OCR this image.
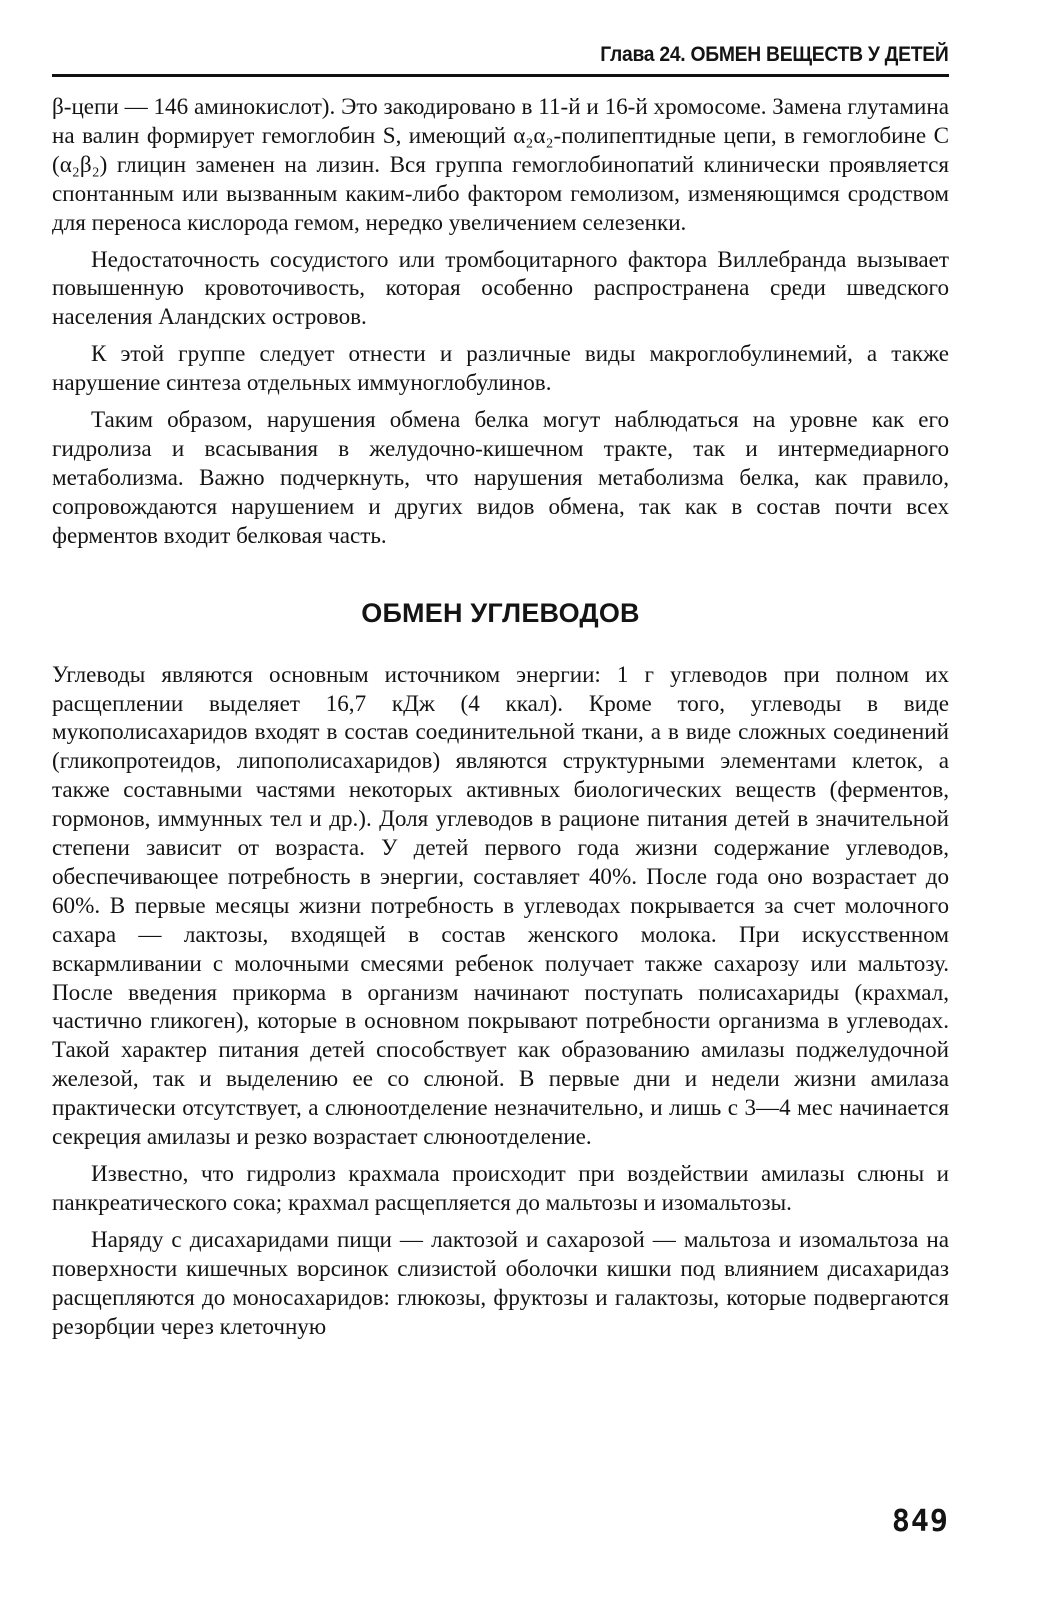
Глава 24. ОБМЕН ВЕЩЕСТВ У ДЕТЕЙ

β-цепи — 146 аминокислот). Это закодировано в 11-й и 16-й хромосоме. Замена глутамина на валин формирует гемоглобин S, имеющий α₂α₂-полипептидные цепи, в гемоглобине С (α₂β₂) глицин заменен на лизин. Вся группа гемоглобинопатий клинически проявляется спонтанным или вызванным каким-либо фактором гемолизом, изменяющимся сродством для переноса кислорода гемом, нередко увеличением селезенки.

Недостаточность сосудистого или тромбоцитарного фактора Виллебранда вызывает повышенную кровоточивость, которая особенно распространена среди шведского населения Аландских островов.

К этой группе следует отнести и различные виды макроглобулинемий, а также нарушение синтеза отдельных иммуноглобулинов.

Таким образом, нарушения обмена белка могут наблюдаться на уровне как его гидролиза и всасывания в желудочно-кишечном тракте, так и интермедиарного метаболизма. Важно подчеркнуть, что нарушения метаболизма белка, как правило, сопровождаются нарушением и других видов обмена, так как в состав почти всех ферментов входит белковая часть.

ОБМЕН УГЛЕВОДОВ

Углеводы являются основным источником энергии: 1 г углеводов при полном их расщеплении выделяет 16,7 кДж (4 ккал). Кроме того, углеводы в виде мукополисахаридов входят в состав соединительной ткани, а в виде сложных соединений (гликопротеидов, липополисахаридов) являются структурными элементами клеток, а также составными частями некоторых активных биологических веществ (ферментов, гормонов, иммунных тел и др.). Доля углеводов в рационе питания детей в значительной степени зависит от возраста. У детей первого года жизни содержание углеводов, обеспечивающее потребность в энергии, составляет 40%. После года оно возрастает до 60%. В первые месяцы жизни потребность в углеводах покрывается за счет молочного сахара — лактозы, входящей в состав женского молока. При искусственном вскармливании с молочными смесями ребенок получает также сахарозу или мальтозу. После введения прикорма в организм начинают поступать полисахариды (крахмал, частично гликоген), которые в основном покрывают потребности организма в углеводах. Такой характер питания детей способствует как образованию амилазы поджелудочной железой, так и выделению ее со слюной. В первые дни и недели жизни амилаза практически отсутствует, а слюноотделение незначительно, и лишь с 3—4 мес начинается секреция амилазы и резко возрастает слюноотделение.

Известно, что гидролиз крахмала происходит при воздействии амилазы слюны и панкреатического сока; крахмал расщепляется до мальтозы и изомальтозы.

Наряду с дисахаридами пищи — лактозой и сахарозой — мальтоза и изомальтоза на поверхности кишечных ворсинок слизистой оболочки кишки под влиянием дисахаридаз расщепляются до моносахаридов: глюкозы, фруктозы и галактозы, которые подвергаются резорбции через клеточную

849
